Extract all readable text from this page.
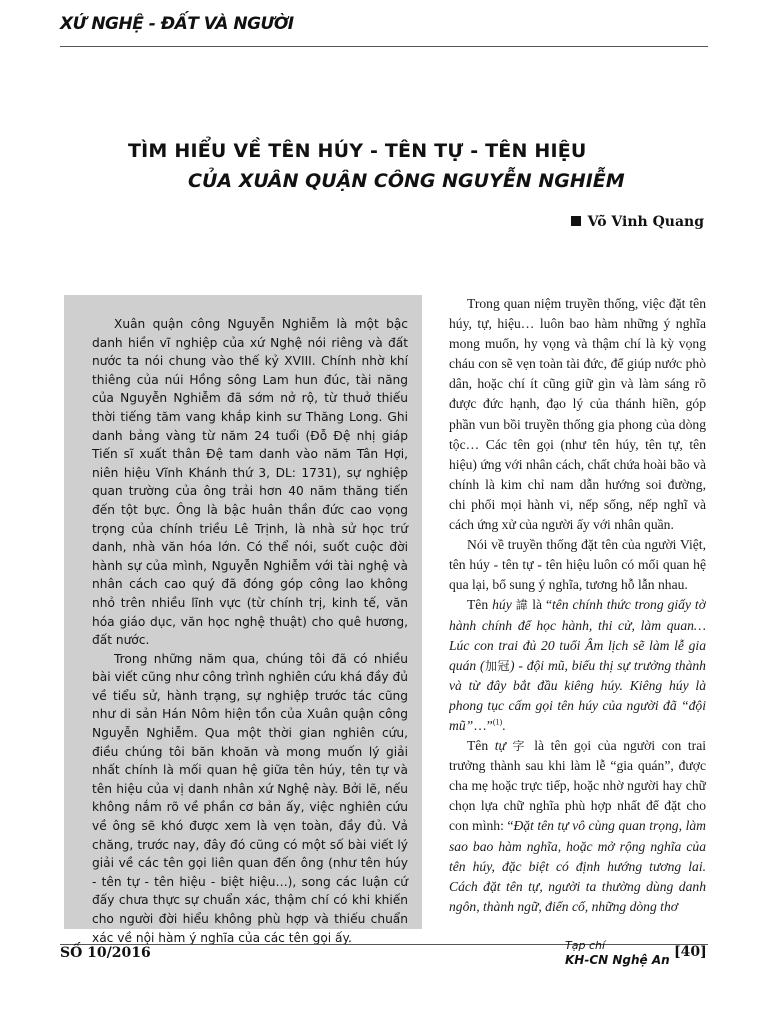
XỨ NGHỆ - ĐẤT VÀ NGƯỜI
TÌM HIỂU VỀ TÊN HÚY - TÊN TỰ - TÊN HIỆU
CỦA XUÂN QUẬN CÔNG NGUYỄN NGHIỄM
Võ Vinh Quang

Xuân quận công Nguyễn Nghiễm là một bậc danh hiền vĩ nghiệp của xứ Nghệ nói riêng và đất nước ta nói chung vào thế kỷ XVIII. Chính nhờ khí thiêng của núi Hồng sông Lam hun đúc, tài năng của Nguyễn Nghiễm đã sớm nở rộ, từ thuở thiếu thời tiếng tăm vang khắp kinh sư Thăng Long. Ghi danh bảng vàng từ năm 24 tuổi (Đỗ Đệ nhị giáp Tiến sĩ xuất thân Đệ tam danh vào năm Tân Hợi, niên hiệu Vĩnh Khánh thứ 3, DL: 1731), sự nghiệp quan trường của ông trải hơn 40 năm thăng tiến đến tột bực. Ông là bậc huân thần đức cao vọng trọng của chính triều Lê Trịnh, là nhà sử học trứ danh, nhà văn hóa lớn. Có thể nói, suốt cuộc đời hành sự của mình, Nguyễn Nghiễm với tài nghệ và nhân cách cao quý đã đóng góp công lao không nhỏ trên nhiều lĩnh vực (từ chính trị, kinh tế, văn hóa giáo dục, văn học nghệ thuật) cho quê hương, đất nước.

Trong những năm qua, chúng tôi đã có nhiều bài viết cũng như công trình nghiên cứu khá đầy đủ về tiểu sử, hành trạng, sự nghiệp trước tác cũng như di sản Hán Nôm hiện tồn của Xuân quận công Nguyễn Nghiễm. Qua một thời gian nghiên cứu, điều chúng tôi băn khoăn và mong muốn lý giải nhất chính là mối quan hệ giữa tên húy, tên tự và tên hiệu của vị danh nhân xứ Nghệ này. Bởi lẽ, nếu không nắm rõ về phần cơ bản ấy, việc nghiên cứu về ông sẽ khó được xem là vẹn toàn, đầy đủ. Vả chăng, trước nay, đây đó cũng có một số bài viết lý giải về các tên gọi liên quan đến ông (như tên húy - tên tự - tên hiệu - biệt hiệu…), song các luận cứ đấy chưa thực sự chuẩn xác, thậm chí có khi khiến cho người đời hiểu không phù hợp và thiếu chuẩn xác về nội hàm ý nghĩa của các tên gọi ấy.

Trong quan niệm truyền thống, việc đặt tên húy, tự, hiệu… luôn bao hàm những ý nghĩa mong muốn, hy vọng và thậm chí là kỳ vọng cháu con sẽ vẹn toàn tài đức, để giúp nước phò dân, hoặc chí ít cũng giữ gìn và làm sáng rõ được đức hạnh, đạo lý của thánh hiền, góp phần vun bồi truyền thống gia phong của dòng tộc… Các tên gọi (như tên húy, tên tự, tên hiệu) ứng với nhân cách, chất chứa hoài bão và chính là kim chỉ nam dẫn hướng soi đường, chi phối mọi hành vi, nếp sống, nếp nghĩ và cách ứng xử của người ấy với nhân quần.

Nói về truyền thống đặt tên của người Việt, tên húy - tên tự - tên hiệu luôn có mối quan hệ qua lại, bổ sung ý nghĩa, tương hỗ lẫn nhau.

Tên húy 諱 là “tên chính thức trong giấy tờ hành chính để học hành, thi cử, làm quan… Lúc con trai đủ 20 tuổi Âm lịch sẽ làm lễ gia quán (加冠) - đội mũ, biểu thị sự trưởng thành và từ đây bắt đầu kiêng húy. Kiêng húy là phong tục cấm gọi tên húy của người đã “đội mũ”…”$^{(1)}$.

Tên tự 字 là tên gọi của người con trai trưởng thành sau khi làm lễ “gia quán”, được cha mẹ hoặc trực tiếp, hoặc nhờ người hay chữ chọn lựa chữ nghĩa phù hợp nhất để đặt cho con mình: “Đặt tên tự vô cùng quan trọng, làm sao bao hàm nghĩa, hoặc mở rộng nghĩa của tên húy, đặc biệt có định hướng tương lai. Cách đặt tên tự, người ta thường dùng danh ngôn, thành ngữ, điển cố, những dòng thơ

SỐ 10/2016	Tạp chí
KH-CN Nghệ An [40]
